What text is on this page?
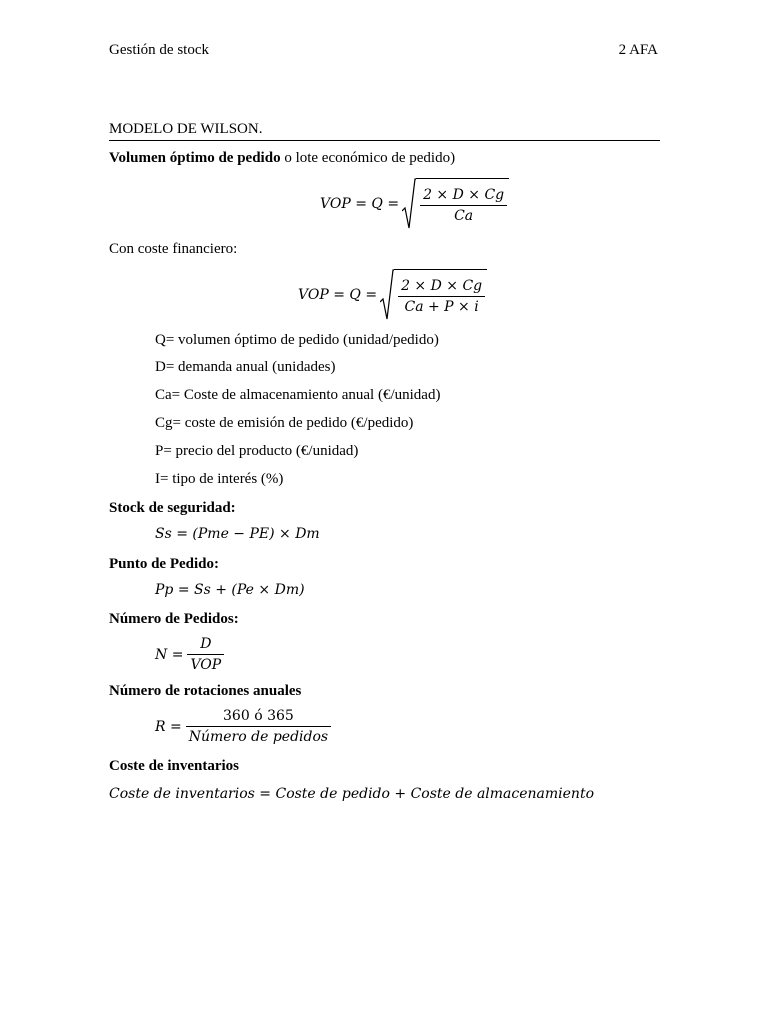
Gestión de stock	2 AFA
MODELO DE WILSON.
Volumen óptimo de pedido o lote económico de pedido)
VOP = $Q = \frac{2 \times D \times Cg}{Ca}$
Con coste financiero:
VOP = $Q = \frac{2 \times D \times Cg}{Ca + P \times i}$
Q= volumen óptimo de pedido (unidad/pedido)
D= demanda anual (unidades)
Ca= Coste de almacenamiento anual (€/unidad)
Cg= coste de emisión de pedido (€/pedido)
P= precio del producto (€/unidad)
I= tipo de interés (%)
Stock de seguridad:
Ss = (Pme − PE) × Dm
Punto de Pedido:
Pp = Ss + (Pe × Dm)
Número de Pedidos:
$N = \frac{D}{\text{VOP}}$
Número de rotaciones anuales
$R = \frac{360 ó 365}{\text{Número de pedidos}}$
Coste de inventarios
Coste de inventarios = Coste de pedido + Coste de almacenamiento
